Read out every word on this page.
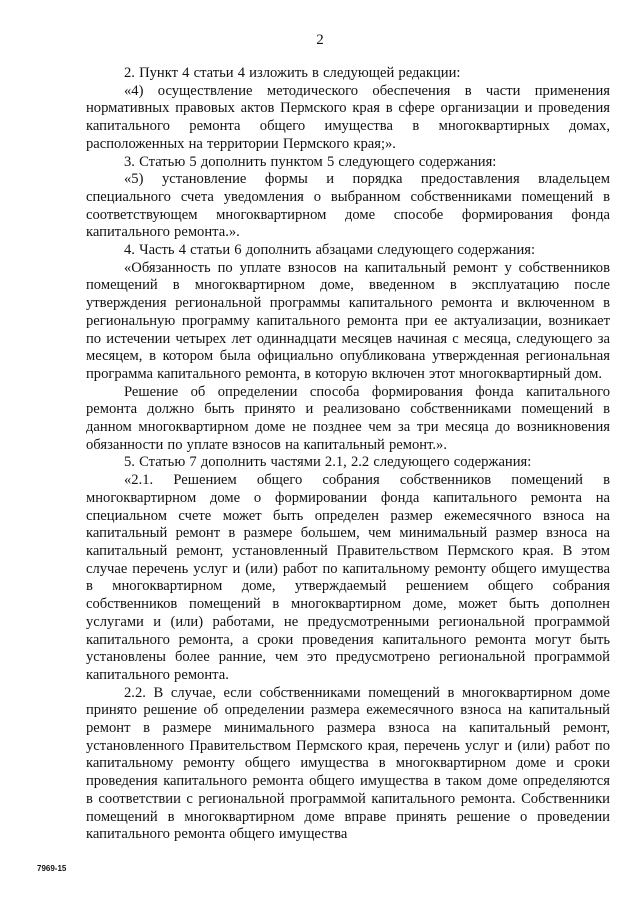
2

2. Пункт 4 статьи 4 изложить в следующей редакции:

«4) осуществление методического обеспечения в части применения нормативных правовых актов Пермского края в сфере организации и проведения капитального ремонта общего имущества в многоквартирных домах, расположенных на территории Пермского края;».

3. Статью 5 дополнить пунктом 5 следующего содержания:

«5) установление формы и порядка предоставления владельцем специального счета уведомления о выбранном собственниками помещений в соответствующем многоквартирном доме способе формирования фонда капитального ремонта.».

4. Часть 4 статьи 6 дополнить абзацами следующего содержания:

«Обязанность по уплате взносов на капитальный ремонт у собственников помещений в многоквартирном доме, введенном в эксплуатацию после утверждения региональной программы капитального ремонта и включенном в региональную программу капитального ремонта при ее актуализации, возникает по истечении четырех лет одиннадцати месяцев начиная с месяца, следующего за месяцем, в котором была официально опубликована утвержденная региональная программа капитального ремонта, в которую включен этот многоквартирный дом.

Решение об определении способа формирования фонда капитального ремонта должно быть принято и реализовано собственниками помещений в данном многоквартирном доме не позднее чем за три месяца до возникновения обязанности по уплате взносов на капитальный ремонт.».

5. Статью 7 дополнить частями 2.1, 2.2 следующего содержания:

«2.1. Решением общего собрания собственников помещений в многоквартирном доме о формировании фонда капитального ремонта на специальном счете может быть определен размер ежемесячного взноса на капитальный ремонт в размере большем, чем минимальный размер взноса на капитальный ремонт, установленный Правительством Пермского края. В этом случае перечень услуг и (или) работ по капитальному ремонту общего имущества в многоквартирном доме, утверждаемый решением общего собрания собственников помещений в многоквартирном доме, может быть дополнен услугами и (или) работами, не предусмотренными региональной программой капитального ремонта, а сроки проведения капитального ремонта могут быть установлены более ранние, чем это предусмотрено региональной программой капитального ремонта.

2.2. В случае, если собственниками помещений в многоквартирном доме принято решение об определении размера ежемесячного взноса на капитальный ремонт в размере минимального размера взноса на капитальный ремонт, установленного Правительством Пермского края, перечень услуг и (или) работ по капитальному ремонту общего имущества в многоквартирном доме и сроки проведения капитального ремонта общего имущества в таком доме определяются в соответствии с региональной программой капитального ремонта. Собственники помещений в многоквартирном доме вправе принять решение о проведении капитального ремонта общего имущества

7969-15
